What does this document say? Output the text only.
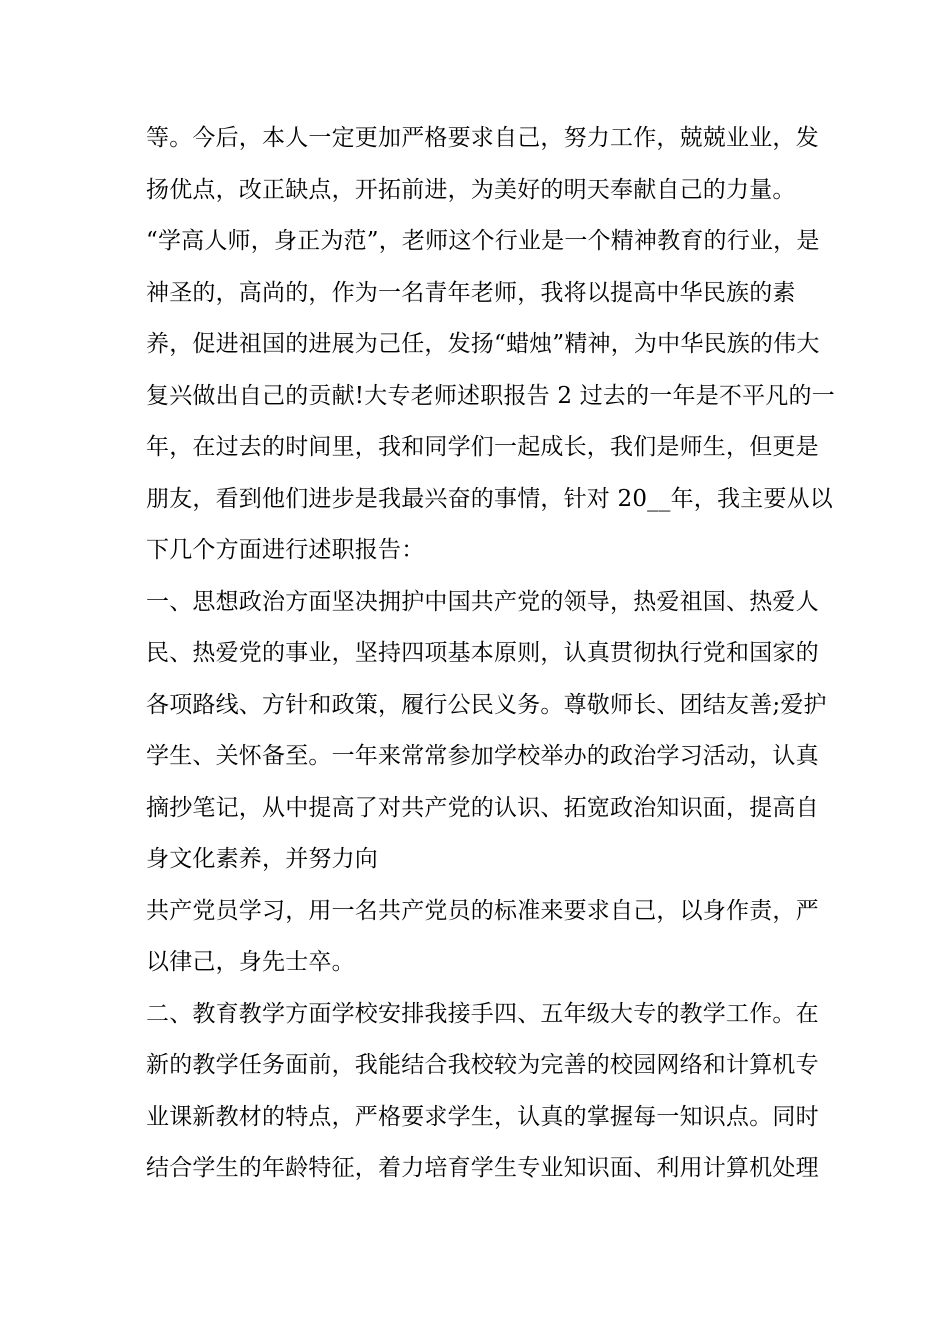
等。今后，本人一定更加严格要求自己，努力工作，兢兢业业，发
扬优点，改正缺点，开拓前进，为美好的明天奉献自己的力量。
“学高人师，身正为范”，老师这个行业是一个精神教育的行业，是
神圣的，高尚的，作为一名青年老师，我将以提高中华民族的素
养，促进祖国的进展为己任，发扬“蜡烛”精神，为中华民族的伟大
复兴做出自己的贡献!大专老师述职报告 2 过去的一年是不平凡的一
年，在过去的时间里，我和同学们一起成长，我们是师生，但更是
朋友，看到他们进步是我最兴奋的事情，针对 20__年，我主要从以
下几个方面进行述职报告：
一、思想政治方面坚决拥护中国共产党的领导，热爱祖国、热爱人
民、热爱党的事业，坚持四项基本原则，认真贯彻执行党和国家的
各项路线、方针和政策，履行公民义务。尊敬师长、团结友善;爱护
学生、关怀备至。一年来常常参加学校举办的政治学习活动，认真
摘抄笔记，从中提高了对共产党的认识、拓宽政治知识面，提高自
身文化素养，并努力向
共产党员学习，用一名共产党员的标准来要求自己，以身作责，严
以律己，身先士卒。
二、教育教学方面学校安排我接手四、五年级大专的教学工作。在
新的教学任务面前，我能结合我校较为完善的校园网络和计算机专
业课新教材的特点，严格要求学生，认真的掌握每一知识点。同时
结合学生的年龄特征，着力培育学生专业知识面、利用计算机处理
